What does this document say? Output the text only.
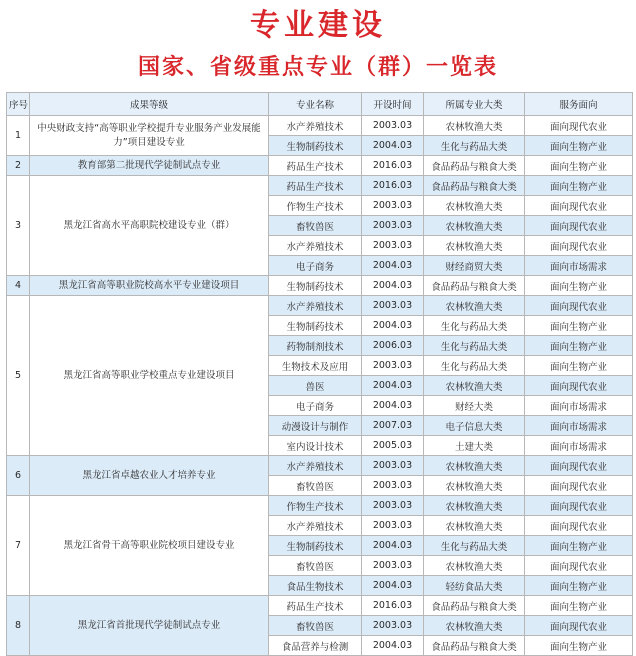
专业建设
国家、省级重点专业（群）一览表
序号	成果等级	专业名称	开设时间	所属专业大类	服务面向
1	中央财政支持“高等职业学校提升专业服务产业发展能力”项目建设专业	水产养殖技术	2003.03	农林牧渔大类	面向现代农业
		生物制药技术	2004.03	生化与药品大类	面向生物产业
2	教育部第二批现代学徒制试点专业	药品生产技术	2016.03	食品药品与粮食大类	面向生物产业
3	黑龙江省高水平高职院校建设专业（群）	药品生产技术	2016.03	食品药品与粮食大类	面向生物产业
		作物生产技术	2003.03	农林牧渔大类	面向现代农业
		畜牧兽医	2003.03	农林牧渔大类	面向现代农业
		水产养殖技术	2003.03	农林牧渔大类	面向现代农业
		电子商务	2004.03	财经商贸大类	面向市场需求
4	黑龙江省高等职业院校高水平专业建设项目	生物制药技术	2004.03	食品药品与粮食大类	面向生物产业
5	黑龙江省高等职业学校重点专业建设项目	水产养殖技术	2003.03	农林牧渔大类	面向现代农业
		生物制药技术	2004.03	生化与药品大类	面向生物产业
		药物制剂技术	2006.03	生化与药品大类	面向生物产业
		生物技术及应用	2003.03	生化与药品大类	面向生物产业
		兽医	2004.03	农林牧渔大类	面向现代农业
		电子商务	2004.03	财经大类	面向市场需求
		动漫设计与制作	2007.03	电子信息大类	面向市场需求
		室内设计技术	2005.03	土建大类	面向市场需求
6	黑龙江省卓越农业人才培养专业	水产养殖技术	2003.03	农林牧渔大类	面向现代农业
		畜牧兽医	2003.03	农林牧渔大类	面向现代农业
7	黑龙江省骨干高等职业院校项目建设专业	作物生产技术	2003.03	农林牧渔大类	面向现代农业
		水产养殖技术	2003.03	农林牧渔大类	面向现代农业
		生物制药技术	2004.03	生化与药品大类	面向生物产业
		畜牧兽医	2003.03	农林牧渔大类	面向现代农业
		食品生物技术	2004.03	轻纺食品大类	面向生物产业
8	黑龙江省首批现代学徒制试点专业	药品生产技术	2016.03	食品药品与粮食大类	面向生物产业
		畜牧兽医	2003.03	农林牧渔大类	面向现代农业
		食品营养与检测	2004.03	食品药品与粮食大类	面向生物产业
